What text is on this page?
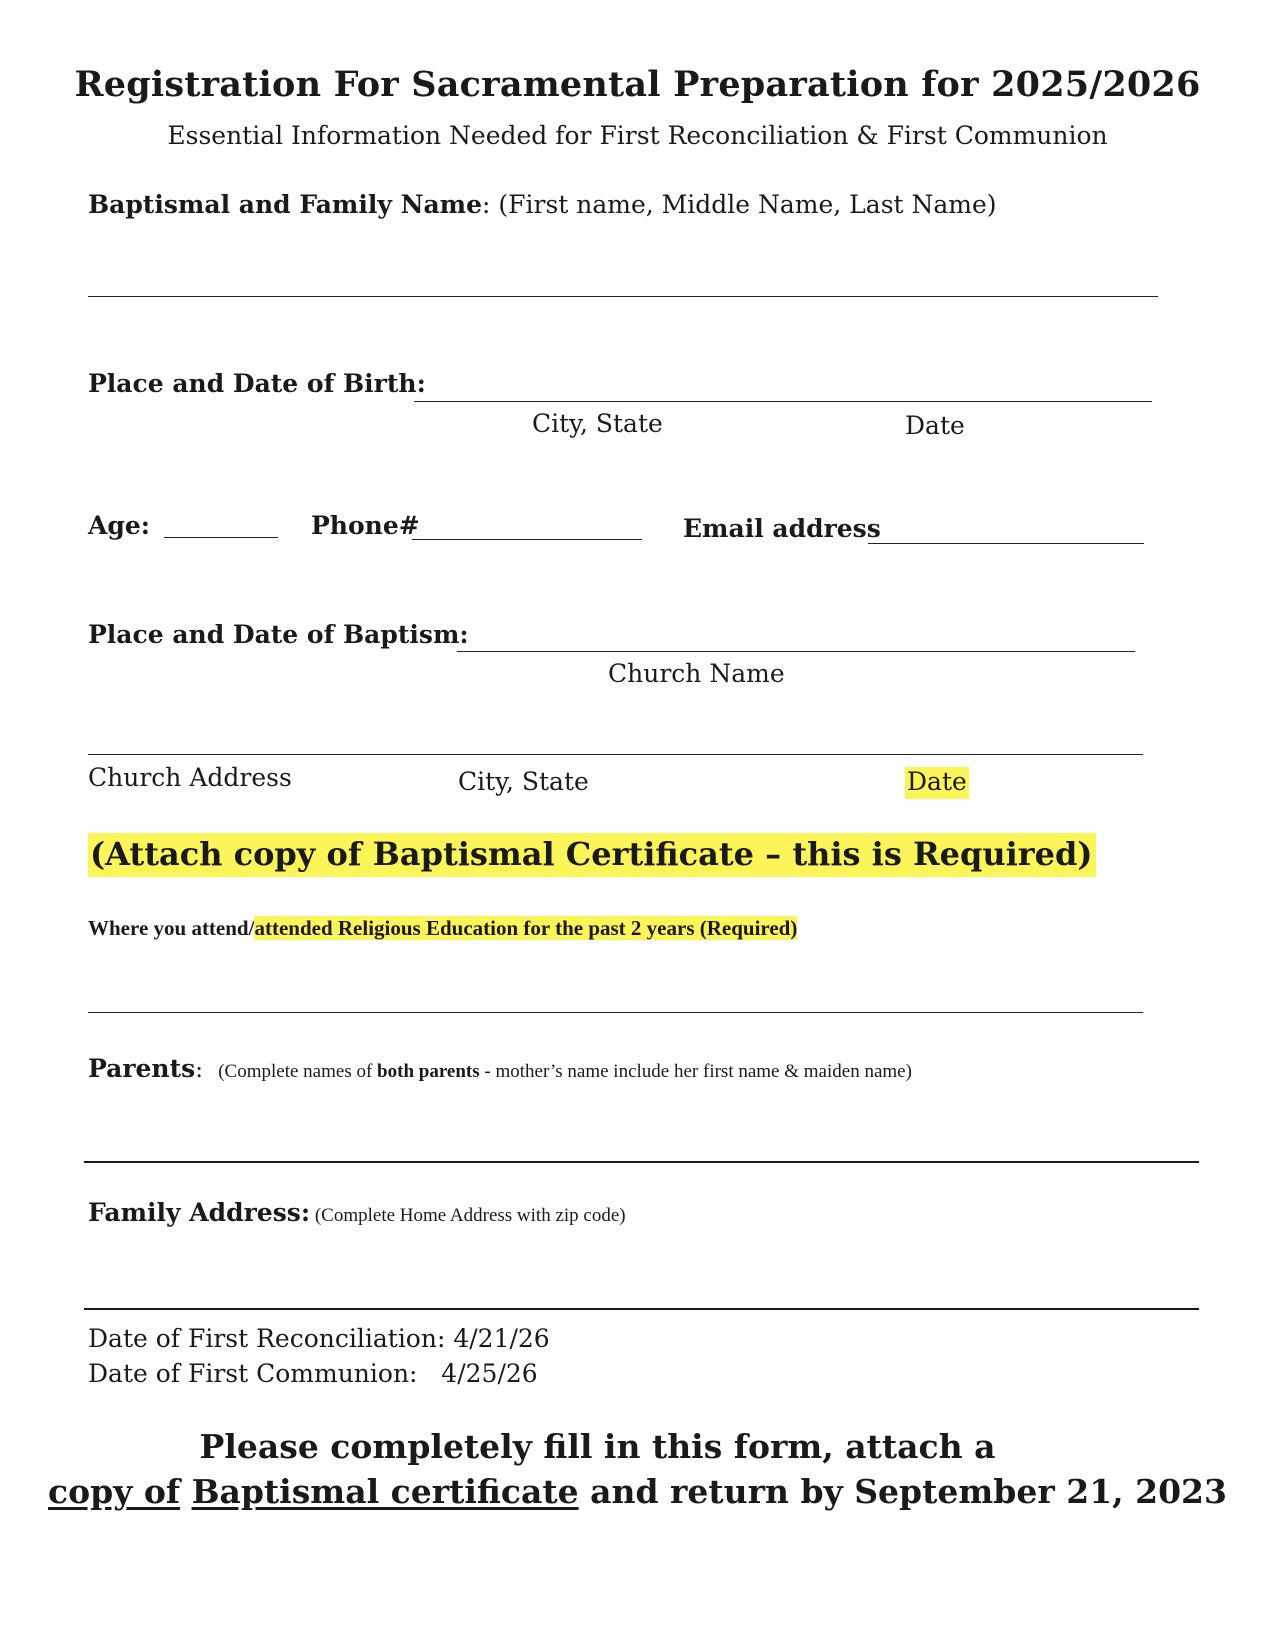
Registration For Sacramental Preparation for 2025/2026
Essential Information Needed for First Reconciliation & First Communion
Baptismal and Family Name: (First name, Middle Name, Last Name)
Place and Date of Birth:
City, State	Date
Age:	Phone#	Email address
Place and Date of Baptism:
Church Name
Church Address	City, State	Date
(Attach copy of Baptismal Certificate – this is Required)
Where you attend/attended Religious Education for the past 2 years (Required)
Parents: (Complete names of both parents - mother’s name include her first name & maiden name)
Family Address: (Complete Home Address with zip code)
Date of First Reconciliation: 4/21/26
Date of First Communion:   4/25/26
Please completely fill in this form, attach a
copy of Baptismal certificate and return by September 21, 2023
